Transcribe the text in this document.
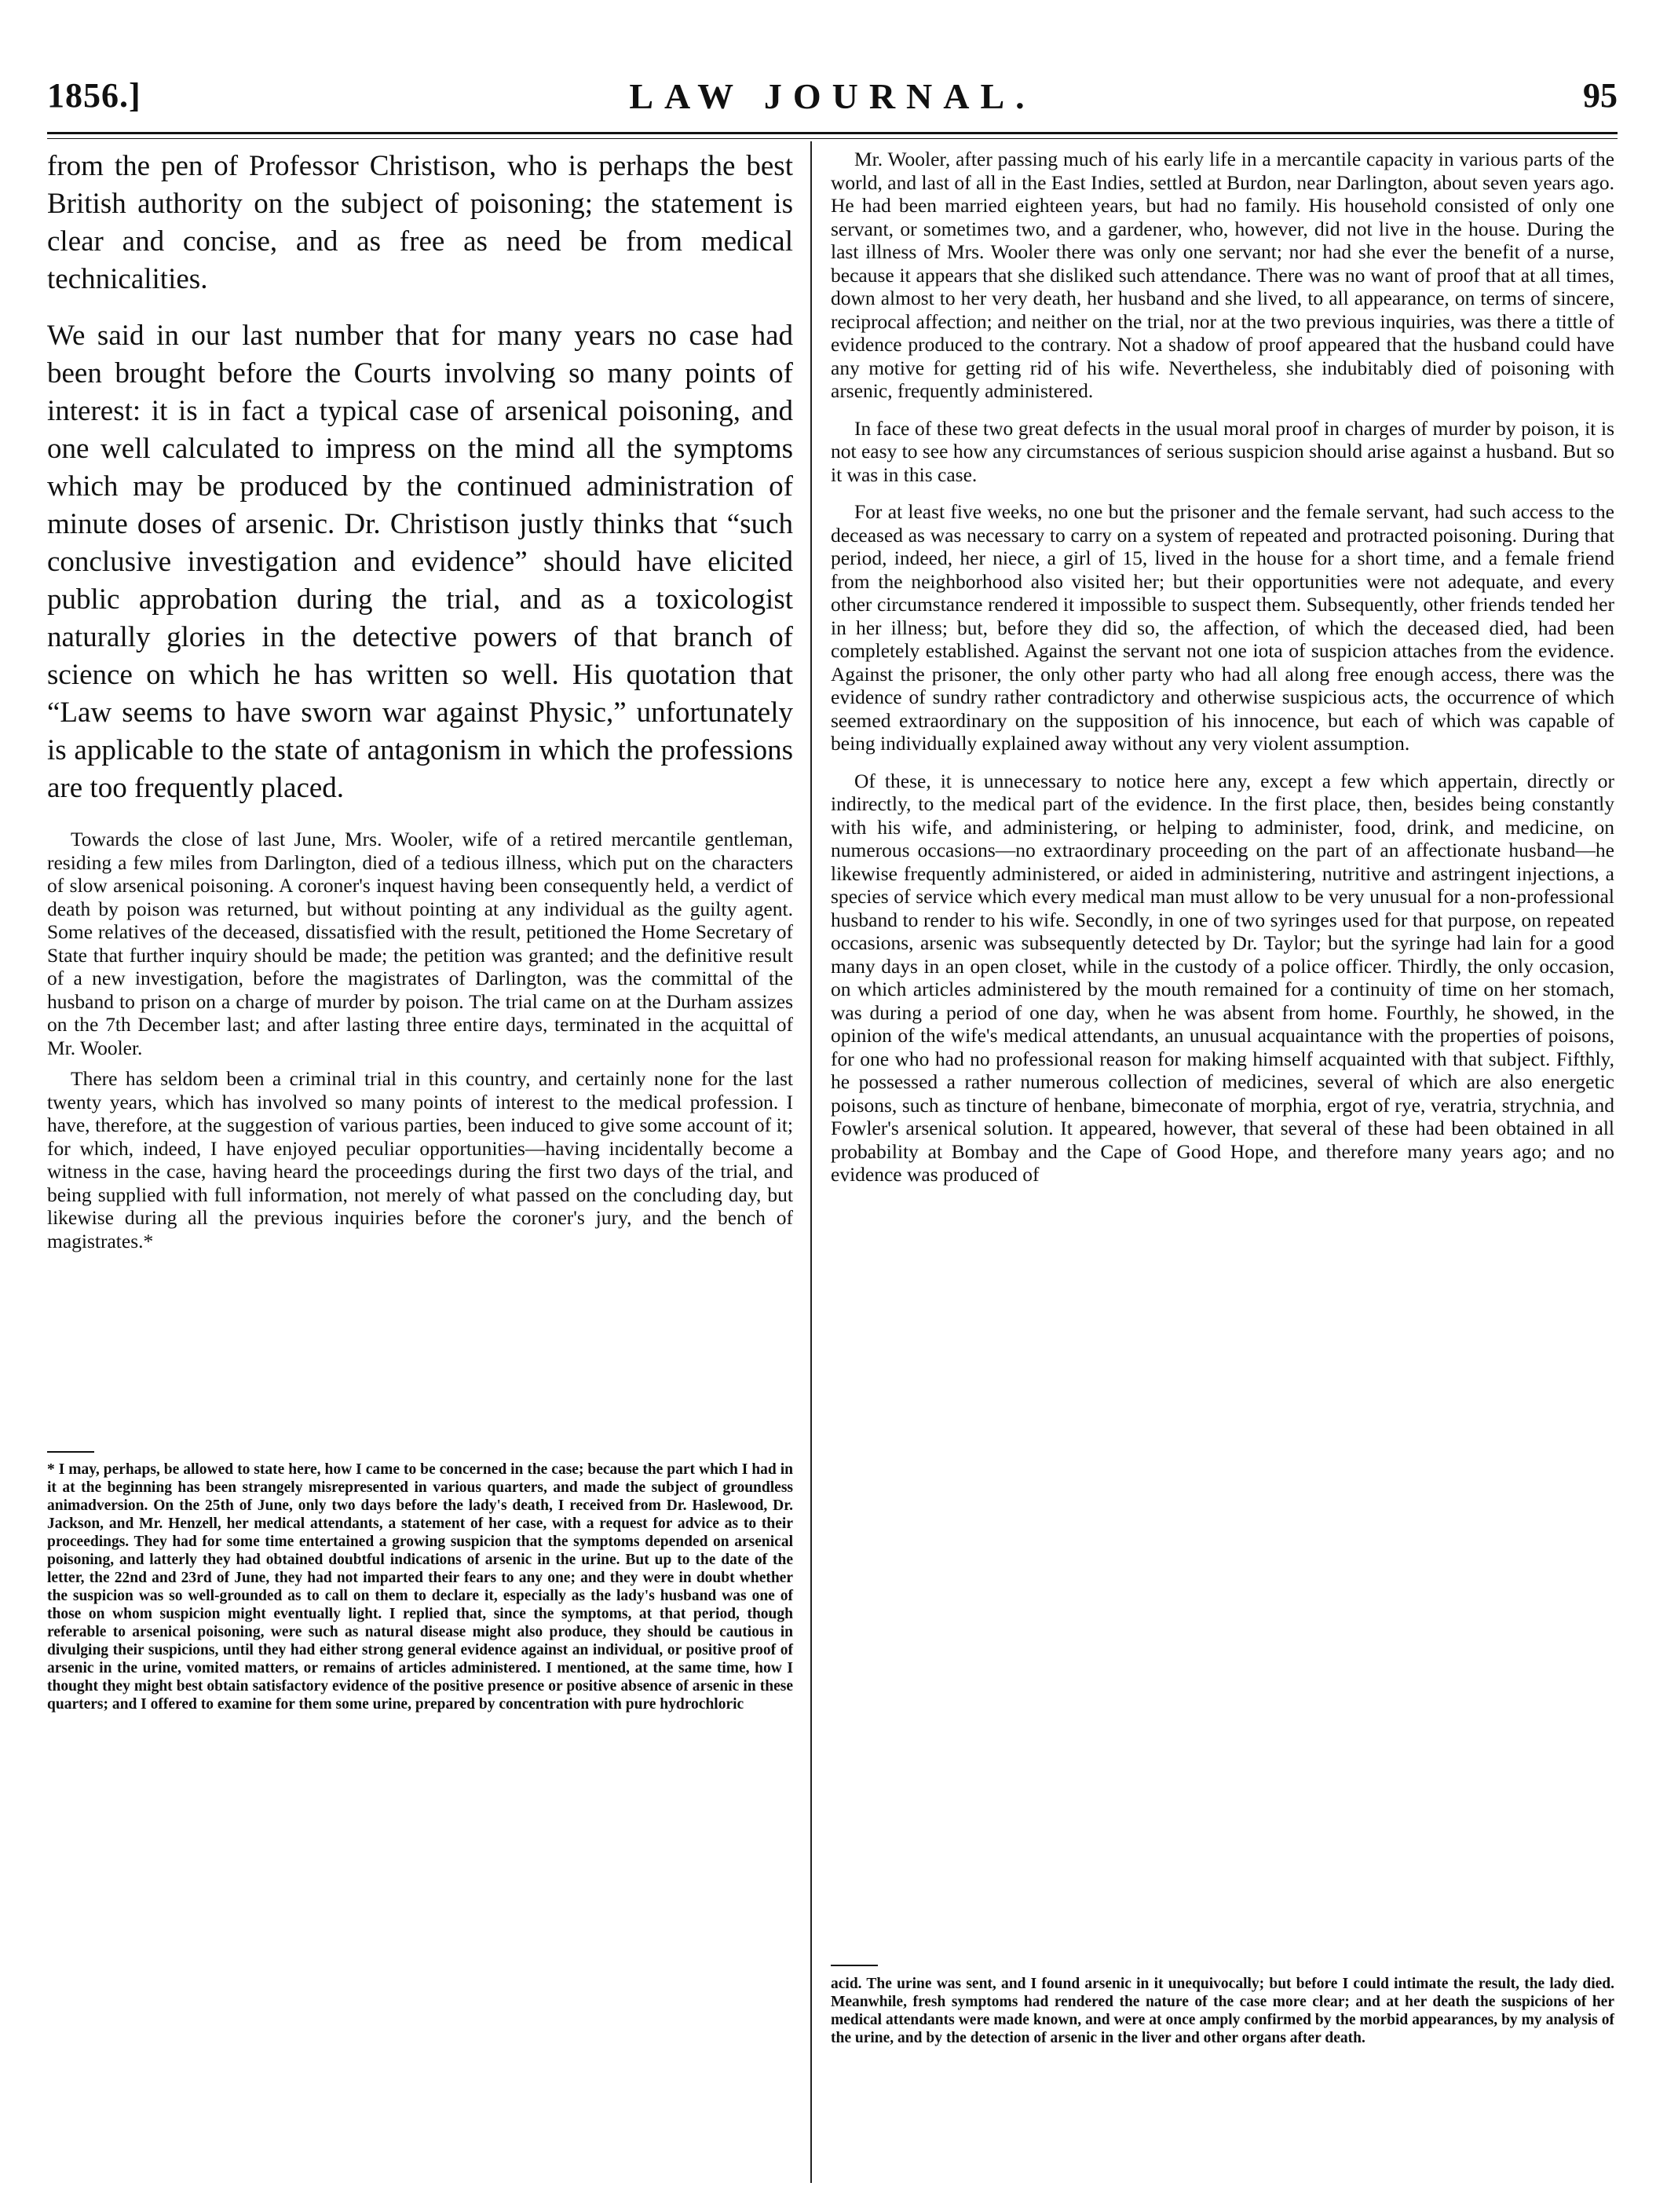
1856.]	LAW JOURNAL.	95

from the pen of Professor Christison, who is perhaps the best British authority on the subject of poisoning; the statement is clear and concise, and as free as need be from medical technicalities.

We said in our last number that for many years no case had been brought before the Courts involving so many points of interest: it is in fact a typical case of arsenical poisoning, and one well calculated to impress on the mind all the symptoms which may be produced by the continued administration of minute doses of arsenic. Dr. Christison justly thinks that “such conclusive investigation and evidence” should have elicited public approbation during the trial, and as a toxicologist naturally glories in the detective powers of that branch of science on which he has written so well. His quotation that “Law seems to have sworn war against Physic,” unfortunately is applicable to the state of antagonism in which the professions are too frequently placed.

Towards the close of last June, Mrs. Wooler, wife of a retired mercantile gentleman, residing a few miles from Darlington, died of a tedious illness, which put on the characters of slow arsenical poisoning. A coroner's inquest having been consequently held, a verdict of death by poison was returned, but without pointing at any individual as the guilty agent. Some relatives of the deceased, dissatisfied with the result, petitioned the Home Secretary of State that further inquiry should be made; the petition was granted; and the definitive result of a new investigation, before the magistrates of Darlington, was the committal of the husband to prison on a charge of murder by poison. The trial came on at the Durham assizes on the 7th December last; and after lasting three entire days, terminated in the acquittal of Mr. Wooler.

There has seldom been a criminal trial in this country, and certainly none for the last twenty years, which has involved so many points of interest to the medical profession. I have, therefore, at the suggestion of various parties, been induced to give some account of it; for which, indeed, I have enjoyed peculiar opportunities—having incidentally become a witness in the case, having heard the proceedings during the first two days of the trial, and being supplied with full information, not merely of what passed on the concluding day, but likewise during all the previous inquiries before the coroner's jury, and the bench of magistrates.*

Mr. Wooler, after passing much of his early life in a mercantile capacity in various parts of the world, and last of all in the East Indies, settled at Burdon, near Darlington, about seven years ago. He had been married eighteen years, but had no family. His household consisted of only one servant, or sometimes two, and a gardener, who, however, did not live in the house. During the last illness of Mrs. Wooler there was only one servant; nor had she ever the benefit of a nurse, because it appears that she disliked such attendance. There was no want of proof that at all times, down almost to her very death, her husband and she lived, to all appearance, on terms of sincere, reciprocal affection; and neither on the trial, nor at the two previous inquiries, was there a tittle of evidence produced to the contrary. Not a shadow of proof appeared that the husband could have any motive for getting rid of his wife. Nevertheless, she indubitably died of poisoning with arsenic, frequently administered.

In face of these two great defects in the usual moral proof in charges of murder by poison, it is not easy to see how any circumstances of serious suspicion should arise against a husband. But so it was in this case.

For at least five weeks, no one but the prisoner and the female servant, had such access to the deceased as was necessary to carry on a system of repeated and protracted poisoning. During that period, indeed, her niece, a girl of 15, lived in the house for a short time, and a female friend from the neighborhood also visited her; but their opportunities were not adequate, and every other circumstance rendered it impossible to suspect them. Subsequently, other friends tended her in her illness; but, before they did so, the affection, of which the deceased died, had been completely established. Against the servant not one iota of suspicion attaches from the evidence. Against the prisoner, the only other party who had all along free enough access, there was the evidence of sundry rather contradictory and otherwise suspicious acts, the occurrence of which seemed extraordinary on the supposition of his innocence, but each of which was capable of being individually explained away without any very violent assumption.

Of these, it is unnecessary to notice here any, except a few which appertain, directly or indirectly, to the medical part of the evidence. In the first place, then, besides being constantly with his wife, and administering, or helping to administer, food, drink, and medicine, on numerous occasions—no extraordinary proceeding on the part of an affectionate husband—he likewise frequently administered, or aided in administering, nutritive and astringent injections, a species of service which every medical man must allow to be very unusual for a non-professional husband to render to his wife. Secondly, in one of two syringes used for that purpose, on repeated occasions, arsenic was subsequently detected by Dr. Taylor; but the syringe had lain for a good many days in an open closet, while in the custody of a police officer. Thirdly, the only occasion, on which articles administered by the mouth remained for a continuity of time on her stomach, was during a period of one day, when he was absent from home. Fourthly, he showed, in the opinion of the wife's medical attendants, an unusual acquaintance with the properties of poisons, for one who had no professional reason for making himself acquainted with that subject. Fifthly, he possessed a rather numerous collection of medicines, several of which are also energetic poisons, such as tincture of henbane, bimeconate of morphia, ergot of rye, veratria, strychnia, and Fowler's arsenical solution. It appeared, however, that several of these had been obtained in all probability at Bombay and the Cape of Good Hope, and therefore many years ago; and no evidence was produced of

* I may, perhaps, be allowed to state here, how I came to be concerned in the case; because the part which I had in it at the beginning has been strangely misrepresented in various quarters, and made the subject of groundless animadversion. On the 25th of June, only two days before the lady's death, I received from Dr. Haslewood, Dr. Jackson, and Mr. Henzell, her medical attendants, a statement of her case, with a request for advice as to their proceedings. They had for some time entertained a growing suspicion that the symptoms depended on arsenical poisoning, and latterly they had obtained doubtful indications of arsenic in the urine. But up to the date of the letter, the 22nd and 23rd of June, they had not imparted their fears to any one; and they were in doubt whether the suspicion was so well-grounded as to call on them to declare it, especially as the lady's husband was one of those on whom suspicion might eventually light. I replied that, since the symptoms, at that period, though referable to arsenical poisoning, were such as natural disease might also produce, they should be cautious in divulging their suspicions, until they had either strong general evidence against an individual, or positive proof of arsenic in the urine, vomited matters, or remains of articles administered. I mentioned, at the same time, how I thought they might best obtain satisfactory evidence of the positive presence or positive absence of arsenic in these quarters; and I offered to examine for them some urine, prepared by concentration with pure hydrochloric

acid. The urine was sent, and I found arsenic in it unequivocally; but before I could intimate the result, the lady died. Meanwhile, fresh symptoms had rendered the nature of the case more clear; and at her death the suspicions of her medical attendants were made known, and were at once amply confirmed by the morbid appearances, by my analysis of the urine, and by the detection of arsenic in the liver and other organs after death.
